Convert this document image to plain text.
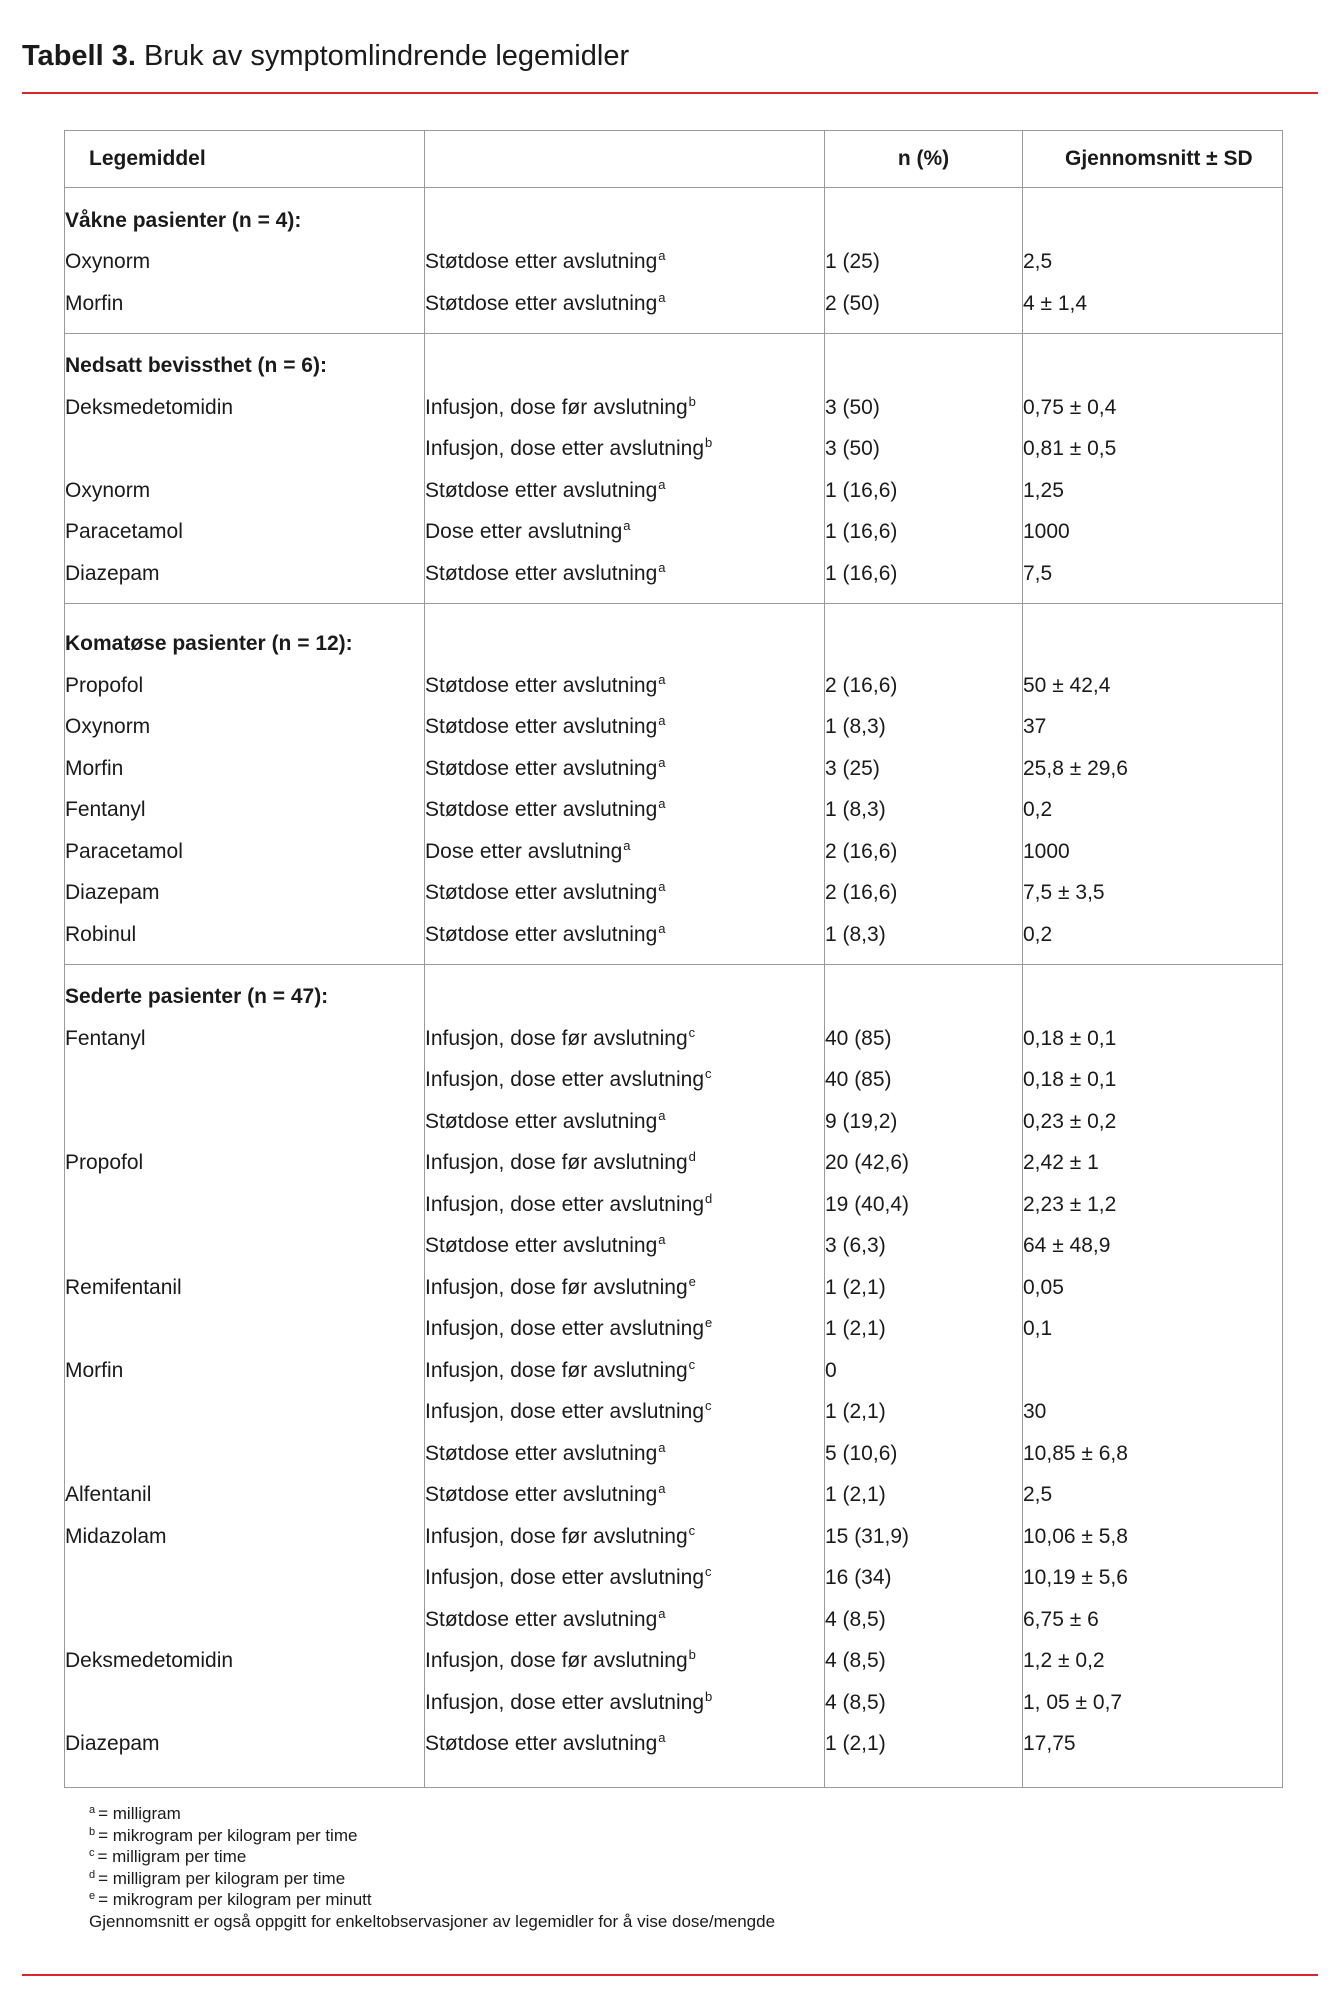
Tabell 3. Bruk av symptomlindrende legemidler
Legemiddel		n (%)	Gjennomsnitt ± SD

Våkne pasienter (n = 4):			
Oxynorm	Støtdose etter avslutning$^a$	1 (25)	2,5
Morfin	Støtdose etter avslutning$^a$	2 (50)	4 ± 1,4

Nedsatt bevissthet (n = 6):			
Deksmedetomidin	Infusjon, dose før avslutning$^b$	3 (50)	0,75 ± 0,4
	Infusjon, dose etter avslutning$^b$	3 (50)	0,81 ± 0,5
Oxynorm	Støtdose etter avslutning$^a$	1 (16,6)	1,25
Paracetamol	Dose etter avslutning$^a$	1 (16,6)	1000
Diazepam	Støtdose etter avslutning$^a$	1 (16,6)	7,5

Komatøse pasienter (n = 12):			
Propofol	Støtdose etter avslutning$^a$	2 (16,6)	50 ± 42,4
Oxynorm	Støtdose etter avslutning$^a$	1 (8,3)	37
Morfin	Støtdose etter avslutning$^a$	3 (25)	25,8 ± 29,6
Fentanyl	Støtdose etter avslutning$^a$	1 (8,3)	0,2
Paracetamol	Dose etter avslutning$^a$	2 (16,6)	1000
Diazepam	Støtdose etter avslutning$^a$	2 (16,6)	7,5 ± 3,5
Robinul	Støtdose etter avslutning$^a$	1 (8,3)	0,2

Sederte pasienter (n = 47):			
Fentanyl	Infusjon, dose før avslutning$^c$	40 (85)	0,18 ± 0,1
	Infusjon, dose etter avslutning$^c$	40 (85)	0,18 ± 0,1
	Støtdose etter avslutning$^a$	9 (19,2)	0,23 ± 0,2
Propofol	Infusjon, dose før avslutning$^d$	20 (42,6)	2,42 ± 1
	Infusjon, dose etter avslutning$^d$	19 (40,4)	2,23 ± 1,2
	Støtdose etter avslutning$^a$	3 (6,3)	64 ± 48,9
Remifentanil	Infusjon, dose før avslutning$^e$	1 (2,1)	0,05
	Infusjon, dose etter avslutning$^e$	1 (2,1)	0,1
Morfin	Infusjon, dose før avslutning$^c$	0	
	Infusjon, dose etter avslutning$^c$	1 (2,1)	30
	Støtdose etter avslutning$^a$	5 (10,6)	10,85 ± 6,8
Alfentanil	Støtdose etter avslutning$^a$	1 (2,1)	2,5
Midazolam	Infusjon, dose før avslutning$^c$	15 (31,9)	10,06 ± 5,8
	Infusjon, dose etter avslutning$^c$	16 (34)	10,19 ± 5,6
	Støtdose etter avslutning$^a$	4 (8,5)	6,75 ± 6
Deksmedetomidin	Infusjon, dose før avslutning$^b$	4 (8,5)	1,2 ± 0,2
	Infusjon, dose etter avslutning$^b$	4 (8,5)	1, 05 ± 0,7
Diazepam	Støtdose etter avslutning$^a$	1 (2,1)	17,75

$^a$ = milligram
$^b$ = mikrogram per kilogram per time
$^c$ = milligram per time
$^d$ = milligram per kilogram per time
$^e$ = mikrogram per kilogram per minutt
Gjennomsnitt er også oppgitt for enkeltobservasjoner av legemidler for å vise dose/mengde
